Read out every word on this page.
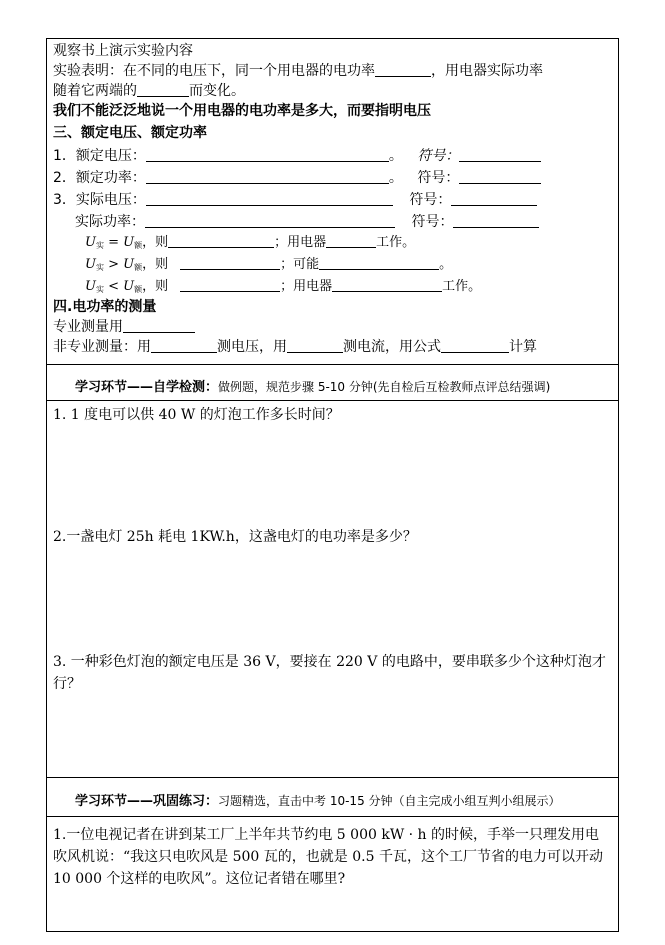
观察书上演示实验内容
实验表明：在不同的电压下，同一个用电器的电功率	，用电器实际功率
随着它两端的	而变化。
我们不能泛泛地说一个用电器的电功率是多大，而要指明电压
三、额定电压、额定功率
1．额定电压：	。 符号：
2．额定功率：	。 符号：
3．实际电压：	符号：
实际功率：	符号：
$U_实 = U_额$，则	；用电器	工作。
$U_实 > U_额$，则	；可能	。
$U_实 < U_额$，则	；用电器	工作。
四.电功率的测量
专业测量用
非专业测量：用	测电压，用	测电流，用公式	计算
学习环节——自学检测：做例题，规范步骤 5-10 分钟(先自检后互检教师点评总结强调)
1. 1 度电可以供 40 W 的灯泡工作多长时间？
2.一盏电灯 25h 耗电 1KW.h，这盏电灯的电功率是多少？
3. 一种彩色灯泡的额定电压是 36 V，要接在 220 V 的电路中，要串联多少个这种灯泡才行？
学习环节——巩固练习：习题精选，直击中考 10-15 分钟（自主完成小组互判小组展示）
1.一位电视记者在讲到某工厂上半年共节约电 5 000 kW · h 的时候，手举一只理发用电吹风机说：“我这只电吹风是 500 瓦的，也就是 0.5 千瓦，这个工厂节省的电力可以开动 10 000 个这样的电吹风”。这位记者错在哪里?
